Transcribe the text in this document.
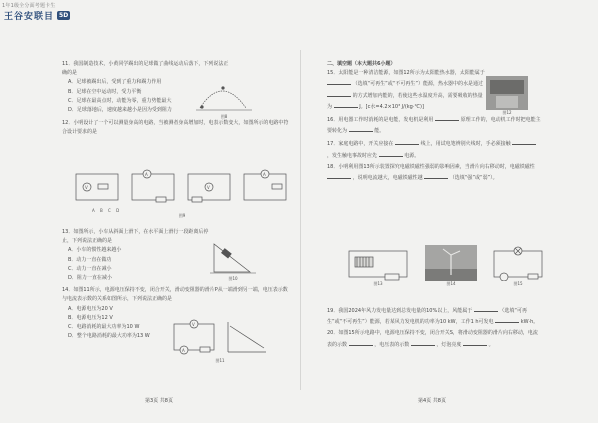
1年1级全分面考题卡生
王谷安联目 5D
11．我国制造技术，小黄同学踢出的足球做了曲线运动后落下，下列说法正确的是
A．足球被踢出后，受到了重力和踢力作用
B．足球在空中运动时，受力平衡
C．足球在最高点时，动能为零，重力势能最大
D．足球落地后，速度越来越小是因为受到阻力
12．小明设计了一个可以测量身高的电路，当被测者身高增加时，电表示数变大，如图所示的电路中符合设计要求的是
图8
V
A
V
A
A B C D
图9
13．如图所示，小车从斜面上滑下，在水平面上滑行一段距离后停止，下列说法正确的是
A．小车的惯性越来越小
B．动力一直在做功
C．动力一直在减小
D．阻力一直在减小
14．如图11所示，电源电压保持不变，闭合开关，滑动变阻器的滑片P从一端滑到另一端，电压表示数与电流表示数的关系如图所示，下列说法正确的是
A．电源电压为20 V
B．电源电压为12 V
C．电路消耗的最大功率为10 W
D．整个电路消耗的最大功率为13 W
图10
V
A
图11
第3页 共8页
二、填空题（本大题共6小题）
15．太阳能是一种清洁能源，如图12所示为太阳能热水器，太阳能属于  （选填“可再生”或“不可再生”）能源，热水器中的水是通过  的方式增加内能的，若使这些水温度升高，需要吸收的热量为	J。[c水=4.2×10³ J/(kg·℃)]
16．用电器工作时消耗的是电能，发电机是利用	原理工作的，电动机工作时把电能主要转化为	能。
17．家庭电路中，开关应接在	线上，用试电笔辨别火线时，手必须接触  ，发生触电事故时应先	电源。
18．小明利用图13所示装置探究电磁铁磁性强弱的影响因素，当滑片向右移动时，电磁铁磁性  ，说明电流越大，电磁铁磁性越	（选填“强”或“弱”）。
图12
图13	图14	图15
19．我国2024年风力发电量达到总发电量的10%以上，风能属于	（选填“可再生”或“不可再生”）能源，若某风力发电机的功率为10 kW，工作1 h可发电	kW·h。
20．如图15所示电路中，电源电压保持不变，闭合开关S，将滑动变阻器的滑片向右移动，电流表的示数	，电压表的示数	，灯泡亮度	。
第4页 共8页
